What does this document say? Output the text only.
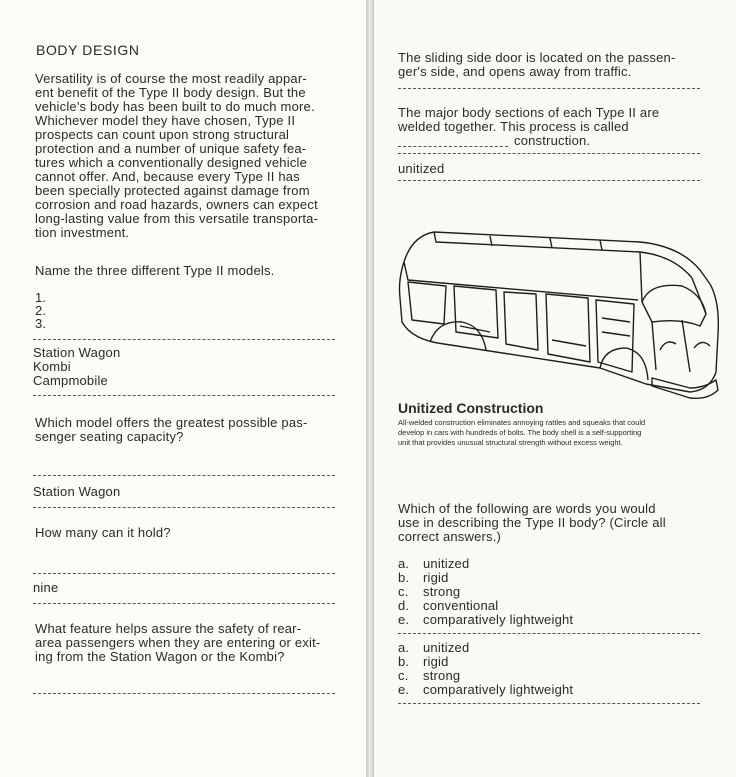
BODY DESIGN
Versatility is of course the most readily appar-
ent benefit of the Type II body design. But the
vehicle's body has been built to do much more.
Whichever model they have chosen, Type II
prospects can count upon strong structural
protection and a number of unique safety fea-
tures which a conventionally designed vehicle
cannot offer. And, because every Type II has
been specially protected against damage from
corrosion and road hazards, owners can expect
long-lasting value from this versatile transporta-
tion investment.
Name the three different Type II models.
1.
2.
3.
Station Wagon
Kombi
Campmobile
Which model offers the greatest possible pas-
senger seating capacity?
Station Wagon
How many can it hold?
nine
What feature helps assure the safety of rear-
area passengers when they are entering or exit-
ing from the Station Wagon or the Kombi?
The sliding side door is located on the passen-
ger's side, and opens away from traffic.
The major body sections of each Type II are
welded together. This process is called
construction.
unitized
Unitized Construction
All-welded construction eliminates annoying rattles and squeaks that could
develop in cars with hundreds of bolts. The body shell is a self-supporting
unit that provides unusual structural strength without excess weight.
Which of the following are words you would
use in describing the Type II body? (Circle all
correct answers.)
a. unitized
b. rigid
c. strong
d. conventional
e. comparatively lightweight
a. unitized
b. rigid
c. strong
e. comparatively lightweight
